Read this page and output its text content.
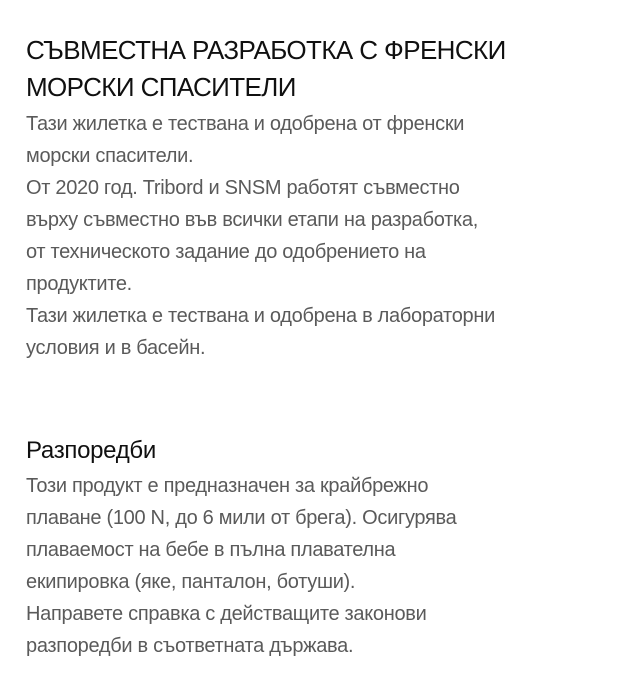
СЪВМЕСТНА РАЗРАБОТКА С ФРЕНСКИ
МОРСКИ СПАСИТЕЛИ

Тази жилетка е тествана и одобрена от френски
морски спасители.
От 2020 год. Tribord и SNSM работят съвместно
върху съвместно във всички етапи на разработка,
от техническото задание до одобрението на
продуктите.
Тази жилетка е тествана и одобрена в лабораторни
условия и в басейн.

Разпоредби

Този продукт е предназначен за крайбрежно
плаване (100 N, до 6 мили от брега). Осигурява
плаваемост на бебе в пълна плавателна
екипировка (яке, панталон, ботуши).
Направете справка с действащите законови
разпоредби в съответната държава.
